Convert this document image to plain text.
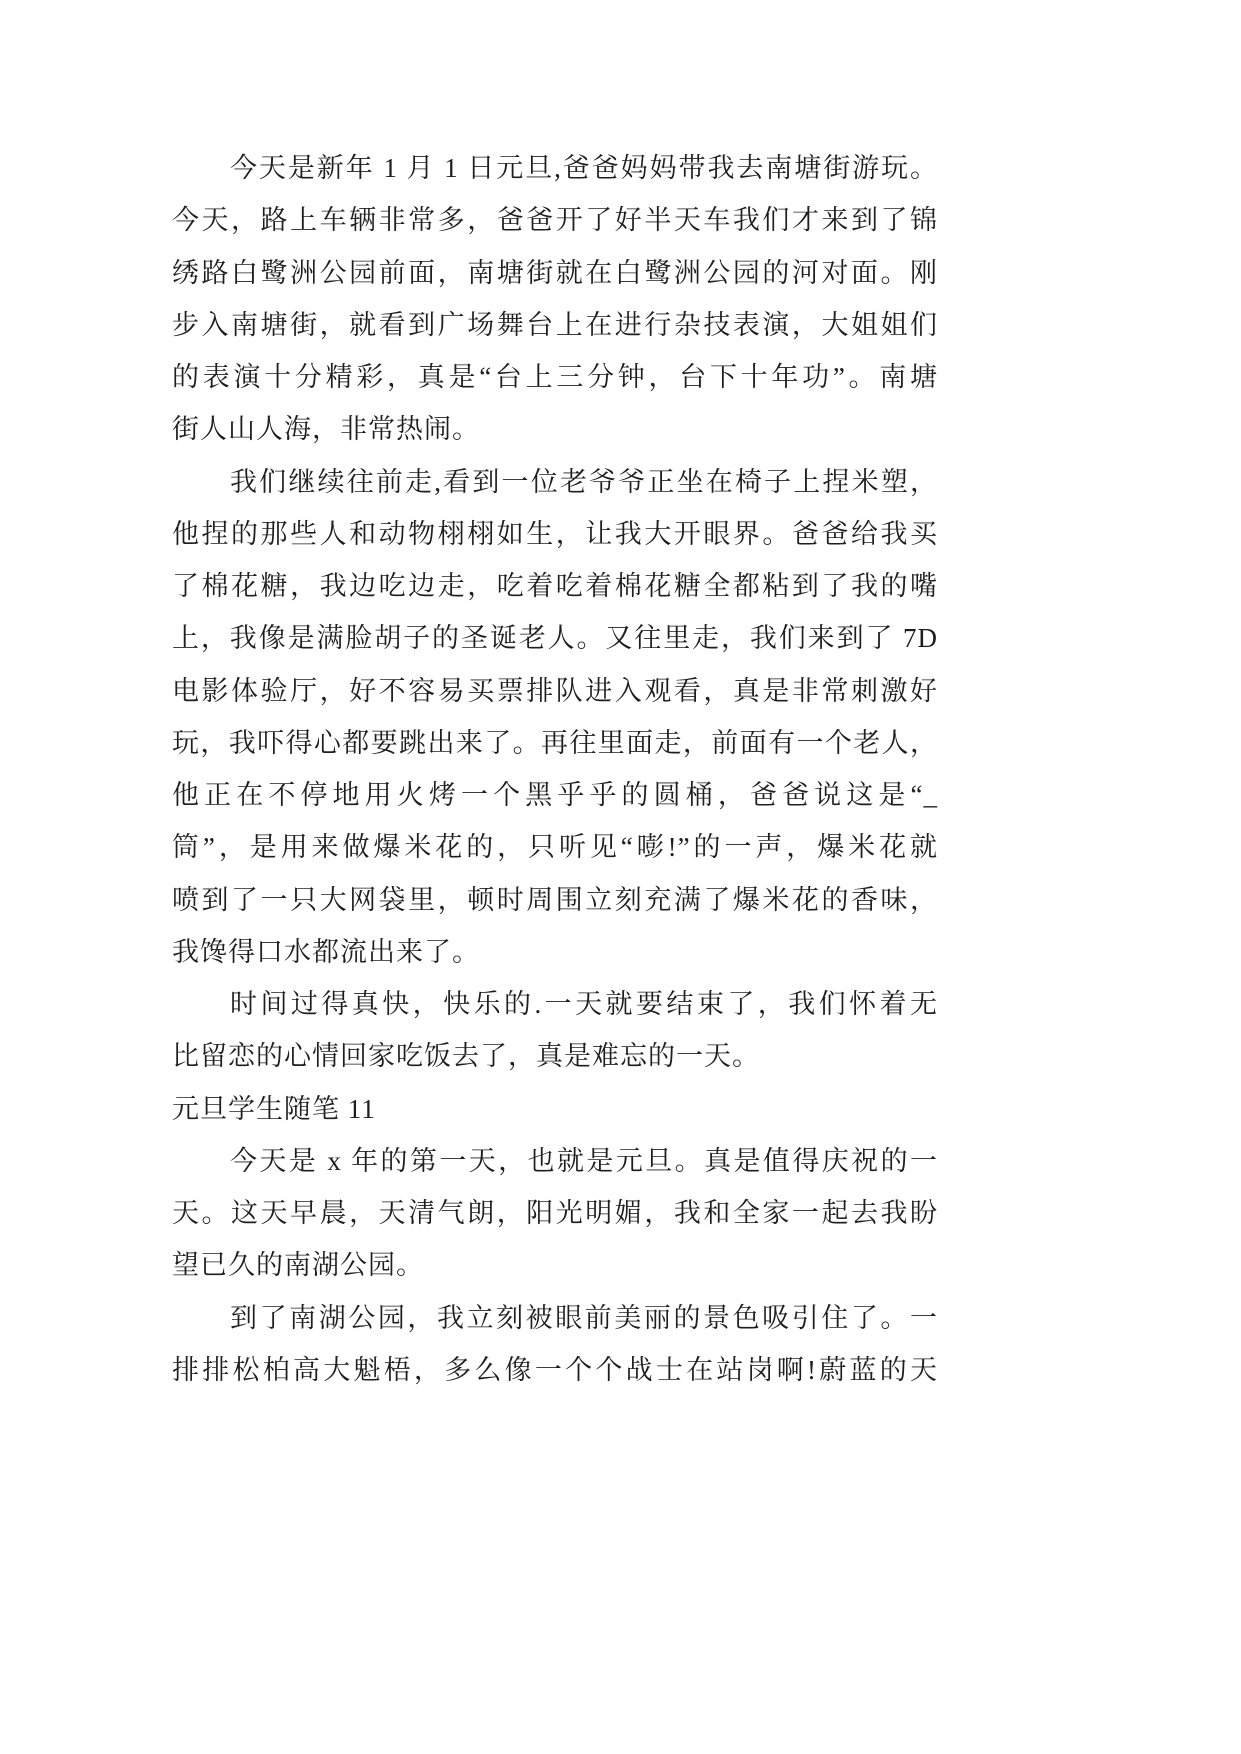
今天是新年 1 月 1 日元旦,爸爸妈妈带我去南塘街游玩。
今天，路上车辆非常多，爸爸开了好半天车我们才来到了锦
绣路白鹭洲公园前面，南塘街就在白鹭洲公园的河对面。刚
步入南塘街，就看到广场舞台上在进行杂技表演，大姐姐们
的表演十分精彩，真是“台上三分钟，台下十年功”。南塘
街人山人海，非常热闹。
我们继续往前走,看到一位老爷爷正坐在椅子上捏米塑，
他捏的那些人和动物栩栩如生，让我大开眼界。爸爸给我买
了棉花糖，我边吃边走，吃着吃着棉花糖全都粘到了我的嘴
上，我像是满脸胡子的圣诞老人。又往里走，我们来到了 7D
电影体验厅，好不容易买票排队进入观看，真是非常刺激好
玩，我吓得心都要跳出来了。再往里面走，前面有一个老人，
他正在不停地用火烤一个黑乎乎的圆桶，爸爸说这是“_
筒”，是用来做爆米花的，只听见“嘭!”的一声，爆米花就
喷到了一只大网袋里，顿时周围立刻充满了爆米花的香味，
我馋得口水都流出来了。
时间过得真快，快乐的.一天就要结束了，我们怀着无
比留恋的心情回家吃饭去了，真是难忘的一天。
元旦学生随笔 11
今天是 x 年的第一天，也就是元旦。真是值得庆祝的一
天。这天早晨，天清气朗，阳光明媚，我和全家一起去我盼
望已久的南湖公园。
到了南湖公园，我立刻被眼前美丽的景色吸引住了。一
排排松柏高大魁梧，多么像一个个战士在站岗啊!蔚蓝的天
